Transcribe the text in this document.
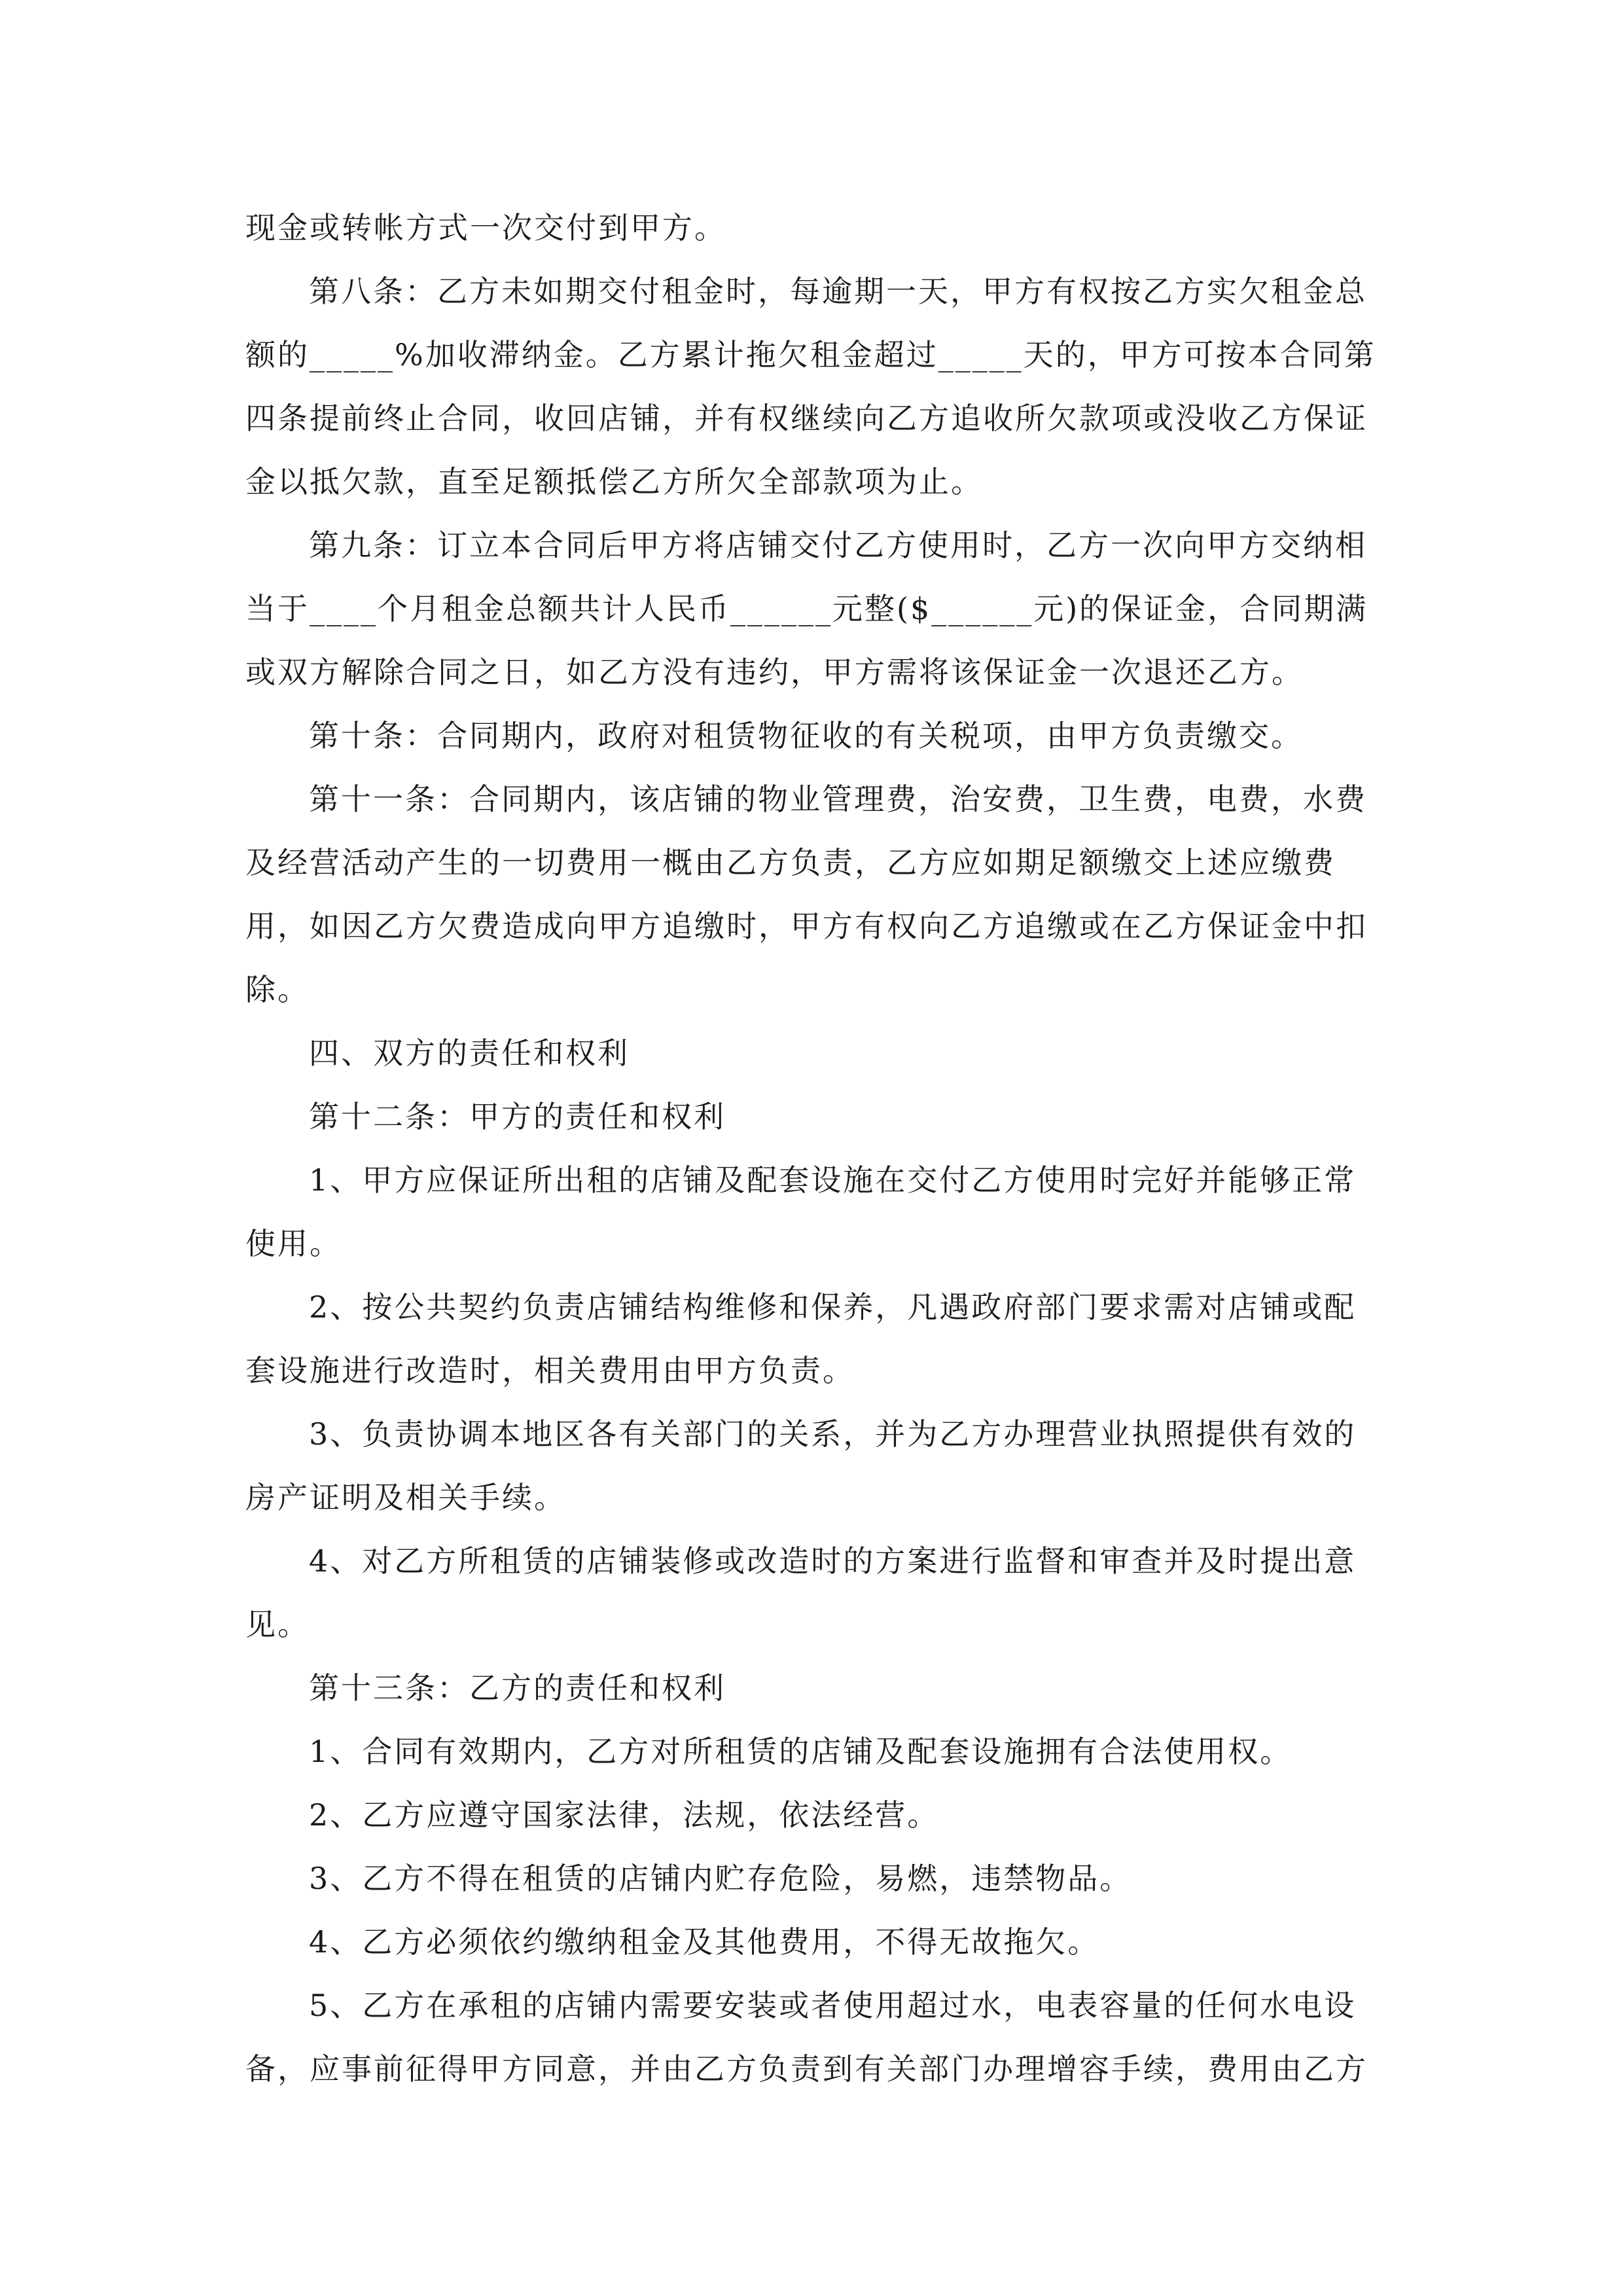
现金或转帐方式一次交付到甲方。

第八条：乙方未如期交付租金时，每逾期一天，甲方有权按乙方实欠租金总额的_____%加收滞纳金。乙方累计拖欠租金超过_____天的，甲方可按本合同第四条提前终止合同，收回店铺，并有权继续向乙方追收所欠款项或没收乙方保证金以抵欠款，直至足额抵偿乙方所欠全部款项为止。

第九条：订立本合同后甲方将店铺交付乙方使用时，乙方一次向甲方交纳相当于____个月租金总额共计人民币______元整($______元)的保证金，合同期满或双方解除合同之日，如乙方没有违约，甲方需将该保证金一次退还乙方。

第十条：合同期内，政府对租赁物征收的有关税项，由甲方负责缴交。

第十一条：合同期内，该店铺的物业管理费，治安费，卫生费，电费，水费及经营活动产生的一切费用一概由乙方负责，乙方应如期足额缴交上述应缴费用，如因乙方欠费造成向甲方追缴时，甲方有权向乙方追缴或在乙方保证金中扣除。

四、双方的责任和权利

第十二条：甲方的责任和权利

1、甲方应保证所出租的店铺及配套设施在交付乙方使用时完好并能够正常使用。

2、按公共契约负责店铺结构维修和保养，凡遇政府部门要求需对店铺或配套设施进行改造时，相关费用由甲方负责。

3、负责协调本地区各有关部门的关系，并为乙方办理营业执照提供有效的房产证明及相关手续。

4、对乙方所租赁的店铺装修或改造时的方案进行监督和审查并及时提出意见。

第十三条：乙方的责任和权利

1、合同有效期内，乙方对所租赁的店铺及配套设施拥有合法使用权。

2、乙方应遵守国家法律，法规，依法经营。

3、乙方不得在租赁的店铺内贮存危险，易燃，违禁物品。

4、乙方必须依约缴纳租金及其他费用，不得无故拖欠。

5、乙方在承租的店铺内需要安装或者使用超过水，电表容量的任何水电设备，应事前征得甲方同意，并由乙方负责到有关部门办理增容手续，费用由乙方
